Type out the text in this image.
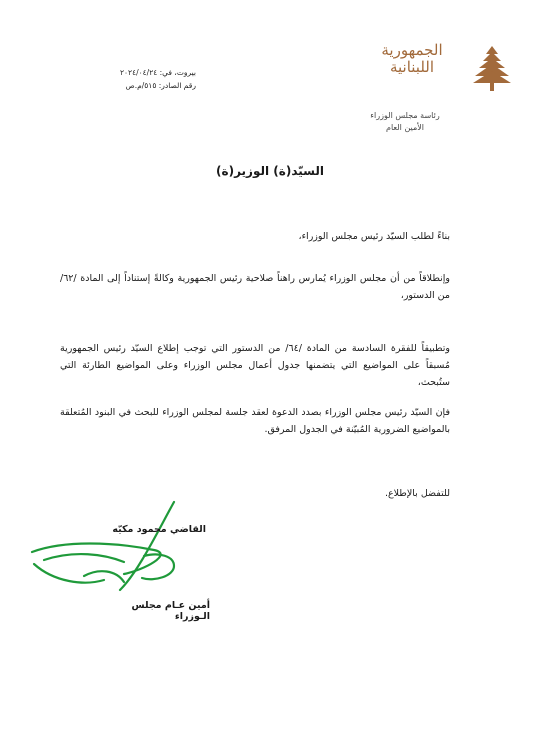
الجمهورية
اللبنانية
رئاسة مجلس الوزراء
الأمين العام
بيروت، في: ٢٠٢٤/٠٤/٢٤
رقم الصادر: ٥١٥/م.ص
السيّد(ة) الوزير(ة)
بناءً لطلب السيّد رئيس مجلس الوزراء،
وإنطلاقاً من أن مجلس الوزراء يُمارس راهناً صلاحية رئيس الجمهورية وكالةً إستناداً إلى المادة /٦٢/ من الدستور،
وتطبيقاً للفقرة السادسة من المادة /٦٤/ من الدستور التي توجب إطلاع السيّد رئيس الجمهورية مُسبقاً على المواضيع التي يتضمنها جدول أعمال مجلس الوزراء وعلى المواضيع الطارئة التي ستُبحث،
فإن السيّد رئيس مجلس الوزراء بصدد الدعوة لعقد جلسة لمجلس الوزراء للبحث في البنود المُتعلقة بالمواضيع الضرورية المُبيّنة في الجدول المرفق.
للتفضل بالإطلاع.
القاضي محمود مكيّه
أمين عـام مجلس الـوزراء
